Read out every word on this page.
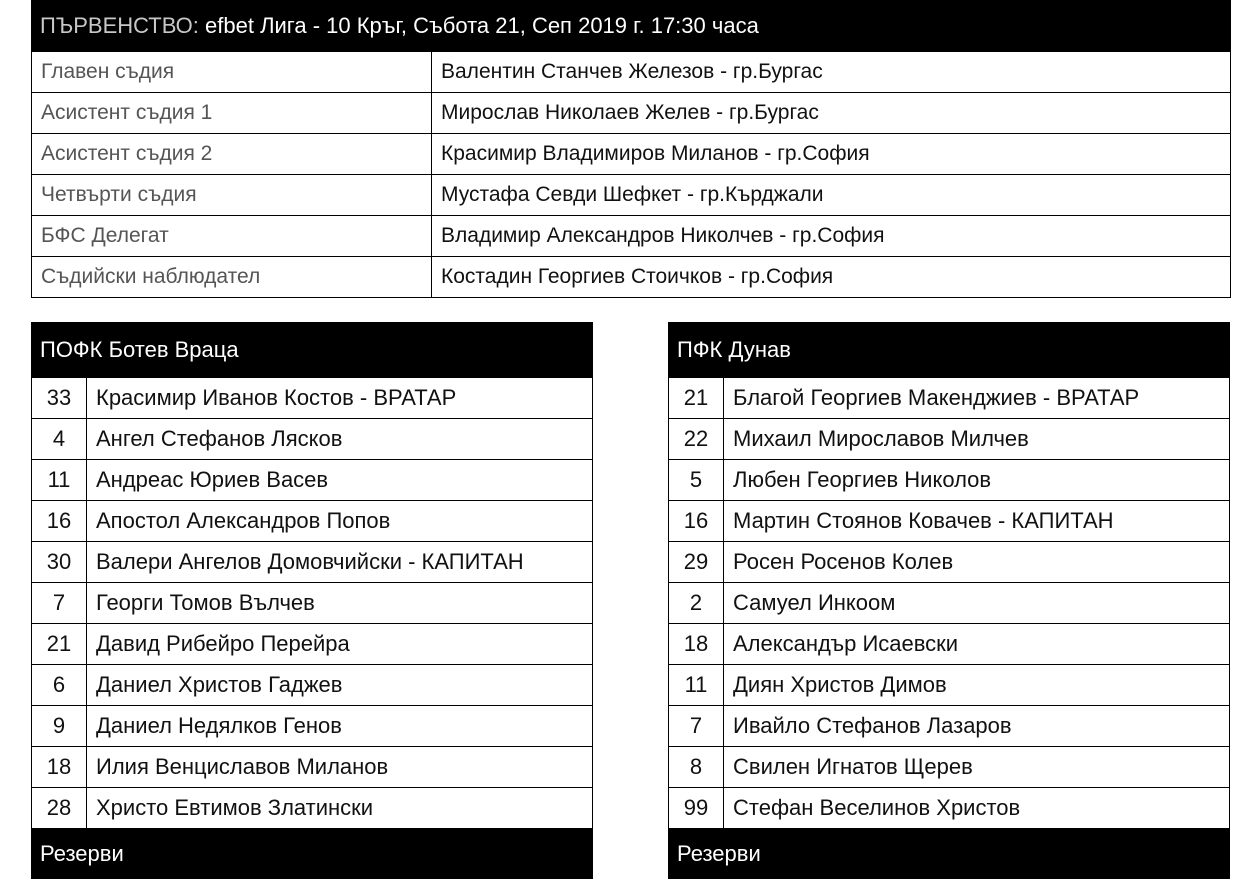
ПЪРВЕНСТВО:
efbet Лига - 10 Кръг, Събота 21, Сеп 2019 г. 17:30 часа
Главен съдия	Валентин Станчев Железов - гр.Бургас
Асистент съдия 1	Мирослав Николаев Желев - гр.Бургас
Асистент съдия 2	Красимир Владимиров Миланов - гр.София
Четвърти съдия	Мустафа Севди Шефкет - гр.Кърджали
БФС Делегат	Владимир Александров Николчев - гр.София
Съдийски наблюдател	Костадин Георгиев Стоичков - гр.София
ПОФК Ботев Враца
33	Красимир Иванов Костов - ВРАТАР
4	Ангел Стефанов Лясков
11	Андреас Юриев Васев
16	Апостол Александров Попов
30	Валери Ангелов Домовчийски - КАПИТАН
7	Георги Томов Вълчев
21	Давид Рибейро Перейра
6	Даниел Христов Гаджев
9	Даниел Недялков Генов
18	Илия Венциславов Миланов
28	Христо Евтимов Златински
Резерви
ПФК Дунав
21	Благой Георгиев Макенджиев - ВРАТАР
22	Михаил Мирославов Милчев
5	Любен Георгиев Николов
16	Мартин Стоянов Ковачев - КАПИТАН
29	Росен Росенов Колев
2	Самуел Инкоом
18	Александър Исаевски
11	Диян Христов Димов
7	Ивайло Стефанов Лазаров
8	Свилен Игнатов Щерев
99	Стефан Веселинов Христов
Резерви
